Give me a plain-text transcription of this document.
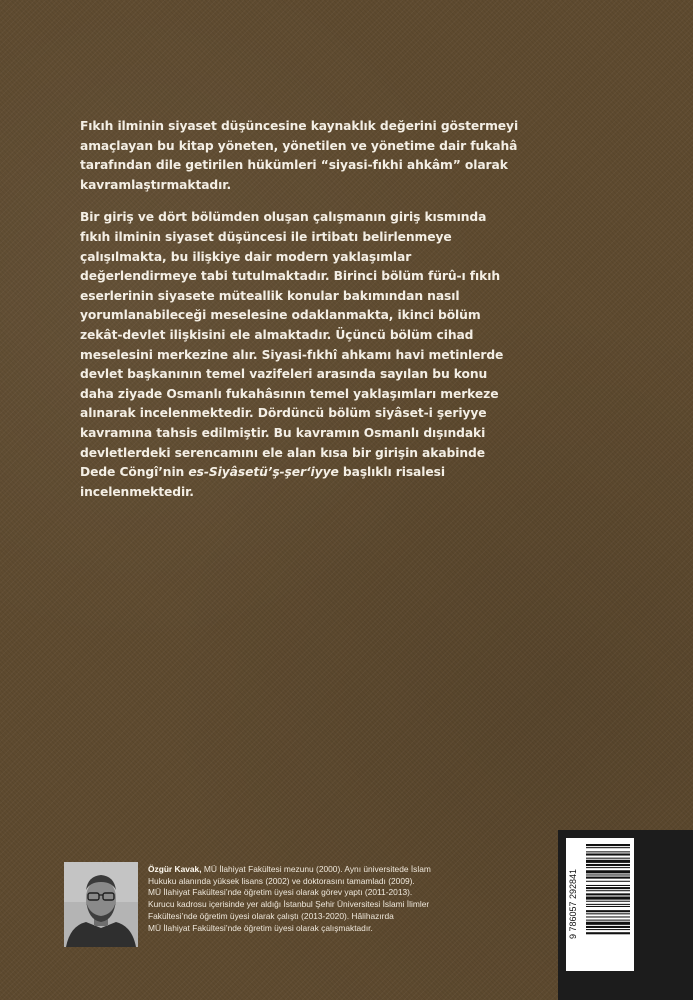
Fıkıh ilminin siyaset düşüncesine kaynaklık değerini göstermeyi
amaçlayan bu kitap yöneten, yönetilen ve yönetime dair fukahâ
tarafından dile getirilen hükümleri “siyasi-fıkhi ahkâm” olarak
kavramlaştırmaktadır.

Bir giriş ve dört bölümden oluşan çalışmanın giriş kısmında
fıkıh ilminin siyaset düşüncesi ile irtibatı belirlenmeye
çalışılmakta, bu ilişkiye dair modern yaklaşımlar
değerlendirmeye tabi tutulmaktadır. Birinci bölüm fürû-ı fıkıh
eserlerinin siyasete müteallik konular bakımından nasıl
yorumlanabileceği meselesine odaklanmakta, ikinci bölüm
zekât-devlet ilişkisini ele almaktadır. Üçüncü bölüm cihad
meselesini merkezine alır. Siyasi-fıkhî ahkamı havi metinlerde
devlet başkanının temel vazifeleri arasında sayılan bu konu
daha ziyade Osmanlı fukahâsının temel yaklaşımları merkeze
alınarak incelenmektedir. Dördüncü bölüm siyâset-i şeriyye
kavramına tahsis edilmiştir. Bu kavramın Osmanlı dışındaki
devletlerdeki serencamını ele alan kısa bir girişin akabinde
Dede Cöngî’nin es-Siyâsetü’ş-şer‘iyye başlıklı risalesi
incelenmektedir.

Özgür Kavak, MÜ İlahiyat Fakültesi mezunu (2000). Aynı üniversitede İslam
Hukuku alanında yüksek lisans (2002) ve doktorasını tamamladı (2009).
MÜ İlahiyat Fakültesi’nde öğretim üyesi olarak görev yaptı (2011-2013).
Kurucu kadrosu içerisinde yer aldığı İstanbul Şehir Üniversitesi İslami İlimler
Fakültesi’nde öğretim üyesi olarak çalıştı (2013-2020). Hâlihazırda
MÜ İlahiyat Fakültesi’nde öğretim üyesi olarak çalışmaktadır.	9 786057 292841
